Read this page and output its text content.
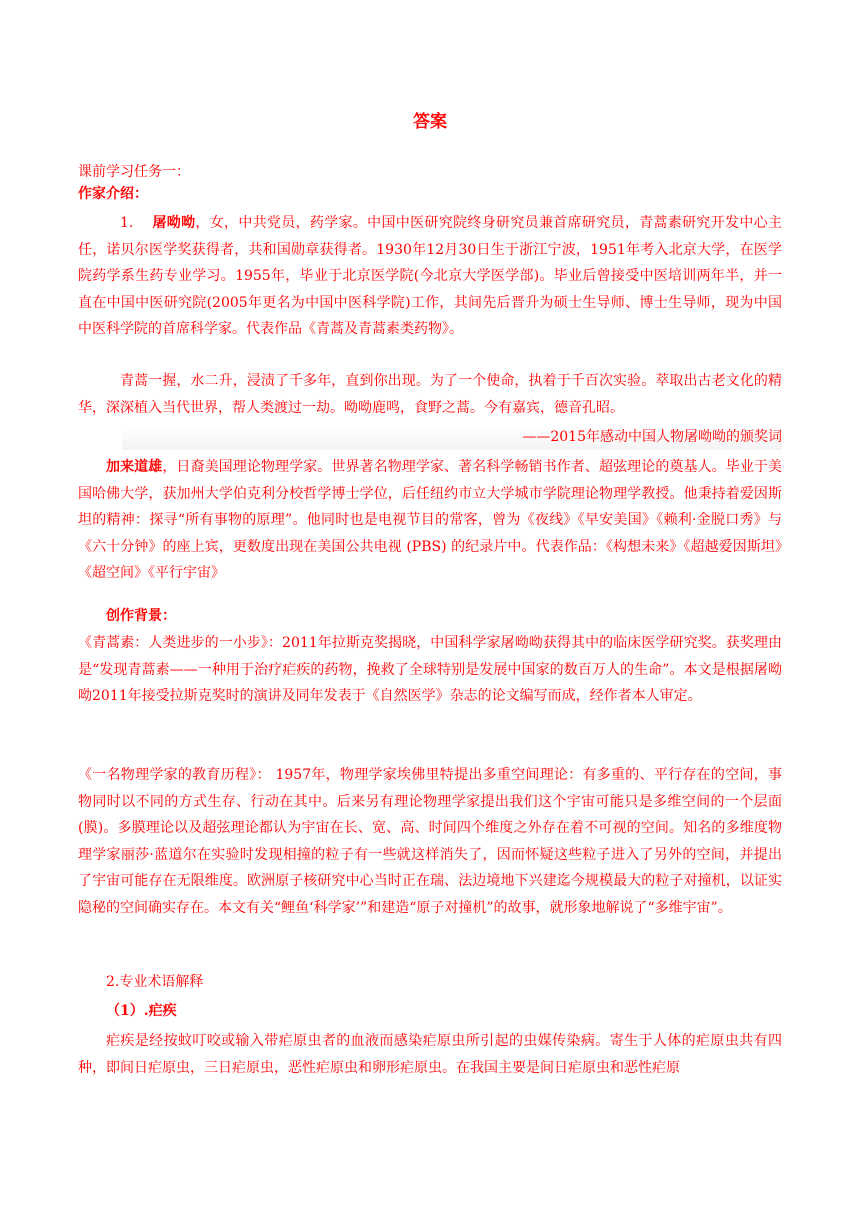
答案
课前学习任务一：
作家介绍：
1. 屠呦呦，女，中共党员，药学家。中国中医研究院终身研究员兼首席研究员，青蒿素研究开发中心主任，诺贝尔医学奖获得者，共和国勋章获得者。1930年12月30日生于浙江宁波，1951年考入北京大学，在医学院药学系生药专业学习。1955年，毕业于北京医学院(今北京大学医学部)。毕业后曾接受中医培训两年半，并一直在中国中医研究院(2005年更名为中国中医科学院)工作，其间先后晋升为硕士生导师、博士生导师，现为中国中医科学院的首席科学家。代表作品《青蒿及青蒿素类药物》。
青蒿一握，水二升，浸渍了千多年，直到你出现。为了一个使命，执着于千百次实验。萃取出古老文化的精华，深深植入当代世界，帮人类渡过一劫。呦呦鹿鸣，食野之蒿。今有嘉宾，德音孔昭。
——2015年感动中国人物屠呦呦的颁奖词
加来道雄，日裔美国理论物理学家。世界著名物理学家、著名科学畅销书作者、超弦理论的奠基人。毕业于美国哈佛大学，获加州大学伯克利分校哲学博士学位，后任纽约市立大学城市学院理论物理学教授。他秉持着爱因斯坦的精神：探寻“所有事物的原理”。他同时也是电视节目的常客，曾为《夜线》《早安美国》《赖利·金脱口秀》与《六十分钟》的座上宾，更数度出现在美国公共电视 (PBS) 的纪录片中。代表作品：《构想未来》《超越爱因斯坦》《超空间》《平行宇宙》
创作背景：
《青蒿素：人类进步的一小步》：2011年拉斯克奖揭晓，中国科学家屠呦呦获得其中的临床医学研究奖。获奖理由是“发现青蒿素——一种用于治疗疟疾的药物，挽救了全球特别是发展中国家的数百万人的生命”。本文是根据屠呦呦2011年接受拉斯克奖时的演讲及同年发表于《自然医学》杂志的论文编写而成，经作者本人审定。
《一名物理学家的教育历程》： 1957年，物理学家埃佛里特提出多重空间理论：有多重的、平行存在的空间，事物同时以不同的方式生存、行动在其中。后来另有理论物理学家提出我们这个宇宙可能只是多维空间的一个层面(膜)。多膜理论以及超弦理论都认为宇宙在长、宽、高、时间四个维度之外存在着不可视的空间。知名的多维度物理学家丽莎·蓝道尔在实验时发现相撞的粒子有一些就这样消失了，因而怀疑这些粒子进入了另外的空间，并提出了宇宙可能存在无限维度。欧洲原子核研究中心当时正在瑞、法边境地下兴建迄今规模最大的粒子对撞机，以证实隐秘的空间确实存在。本文有关“鲤鱼‘科学家’”和建造“原子对撞机”的故事，就形象地解说了“多维宇宙”。
2.专业术语解释
（1）.疟疾
疟疾是经按蚊叮咬或输入带疟原虫者的血液而感染疟原虫所引起的虫媒传染病。寄生于人体的疟原虫共有四种，即间日疟原虫，三日疟原虫，恶性疟原虫和卵形疟原虫。在我国主要是间日疟原虫和恶性疟原
